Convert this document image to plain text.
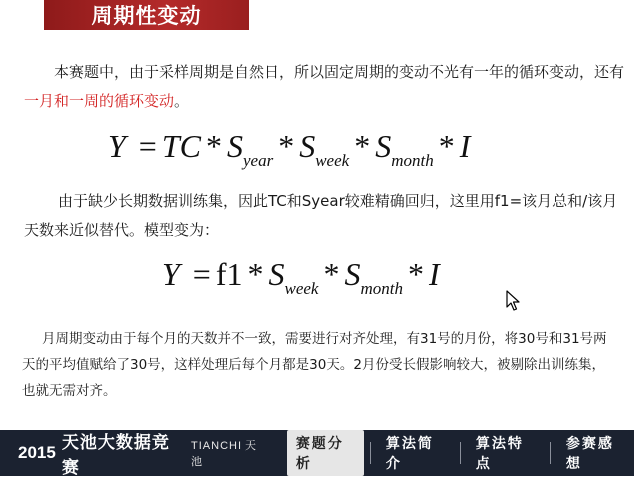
周期性变动

本赛题中，由于采样周期是自然日，所以固定周期的变动不光有一年的循环变动，还有一月和一周的循环变动。

Y = TC * $S_{year} * S_{week} * S_{month}$ * I

由于缺少长期数据训练集，因此TC和Syear较难精确回归，这里用f1=该月总和/该月天数来近似替代。模型变为：

$Y = f1 * S_{week} * S_{month} * I$

月周期变动由于每个月的天数并不一致，需要进行对齐处理，有31号的月份，将30号和31号两天的平均值赋给了30号，这样处理后每个月都是30天。2月份受长假影响较大，被剔除出训练集，也就无需对齐。

2015 天池大数据竞赛
TIANCHI 天池
赛题分析
算法简介
算法特点
参赛感想
